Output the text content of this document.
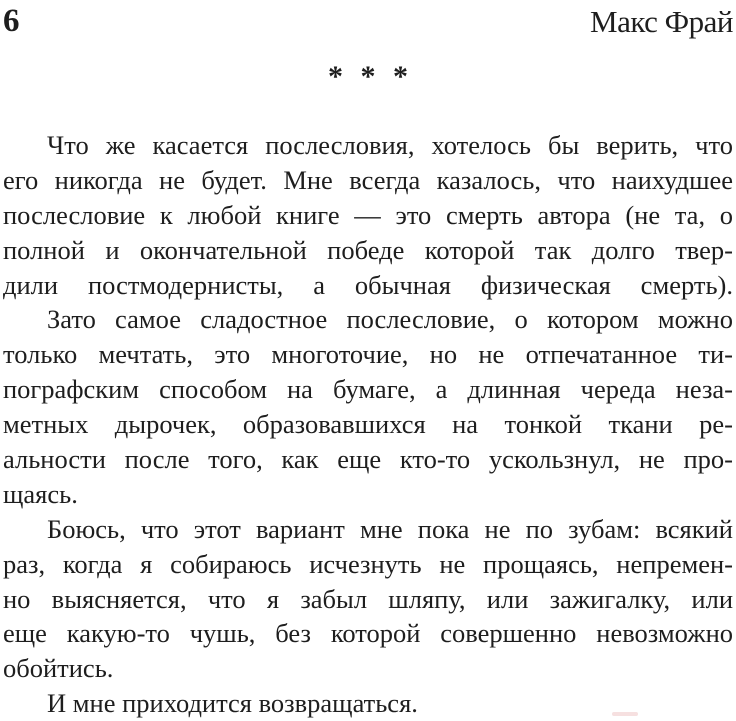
6	Макс Фрай
* * *
Что же касается послесловия, хотелось бы верить, что
его никогда не будет. Мне всегда казалось, что наихудшее
послесловие к любой книге — это смерть автора (не та, о
полной и окончательной победе которой так долго твер-
дили постмодернисты, а обычная физическая смерть).
Зато самое сладостное послесловие, о котором можно
только мечтать, это многоточие, но не отпечатанное ти-
пографским способом на бумаге, а длинная череда неза-
метных дырочек, образовавшихся на тонкой ткани ре-
альности после того, как еще кто-то ускользнул, не про-
щаясь.
Боюсь, что этот вариант мне пока не по зубам: всякий
раз, когда я собираюсь исчезнуть не прощаясь, непремен-
но выясняется, что я забыл шляпу, или зажигалку, или
еще какую-то чушь, без которой совершенно невозможно
обойтись.
И мне приходится возвращаться.
